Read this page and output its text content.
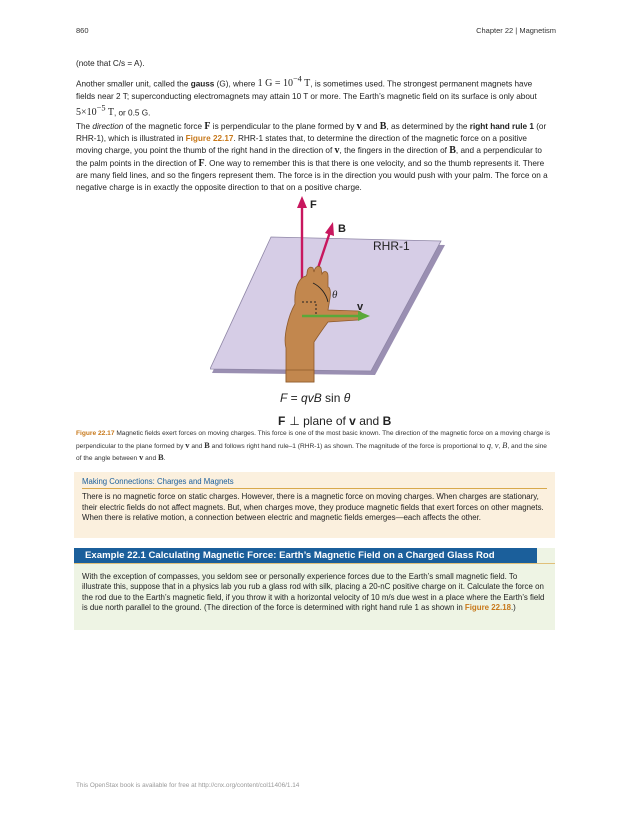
860	Chapter 22 | Magnetism
(note that C/s = A).
Another smaller unit, called the gauss (G), where 1 $G = 10^{-4}$ T, is sometimes used. The strongest permanent magnets have fields near 2 T; superconducting electromagnets may attain 10 T or more. The Earth’s magnetic field on its surface is only about $5\times 10^{-5}$ T, or 0.5 G.
The direction of the magnetic force F is perpendicular to the plane formed by v and B, as determined by the right hand rule 1 (or RHR-1), which is illustrated in Figure 22.17. RHR-1 states that, to determine the direction of the magnetic force on a positive moving charge, you point the thumb of the right hand in the direction of v, the fingers in the direction of B, and a perpendicular to the palm points in the direction of F. One way to remember this is that there is one velocity, and so the thumb represents it. There are many field lines, and so the fingers represent them. The force is in the direction you would push with your palm. The force on a negative charge is in exactly the opposite direction to that on a positive charge.
F
B
RHR-1
θ
v
F = qvB sin θ
F ⊥ plane of v and B
Figure 22.17 Magnetic fields exert forces on moving charges. This force is one of the most basic known. The direction of the magnetic force on a moving charge is perpendicular to the plane formed by v and B and follows right hand rule–1 (RHR-1) as shown. The magnitude of the force is proportional to q, v, B, and the sine of the angle between v and B.
Making Connections: Charges and Magnets
There is no magnetic force on static charges. However, there is a magnetic force on moving charges. When charges are stationary, their electric fields do not affect magnets. But, when charges move, they produce magnetic fields that exert forces on other magnets. When there is relative motion, a connection between electric and magnetic fields emerges—each affects the other.
Example 22.1 Calculating Magnetic Force: Earth’s Magnetic Field on a Charged Glass Rod
With the exception of compasses, you seldom see or personally experience forces due to the Earth’s small magnetic field. To illustrate this, suppose that in a physics lab you rub a glass rod with silk, placing a 20-nC positive charge on it. Calculate the force on the rod due to the Earth’s magnetic field, if you throw it with a horizontal velocity of 10 m/s due west in a place where the Earth’s field is due north parallel to the ground. (The direction of the force is determined with right hand rule 1 as shown in Figure 22.18.)
This OpenStax book is available for free at http://cnx.org/content/col11406/1.14
